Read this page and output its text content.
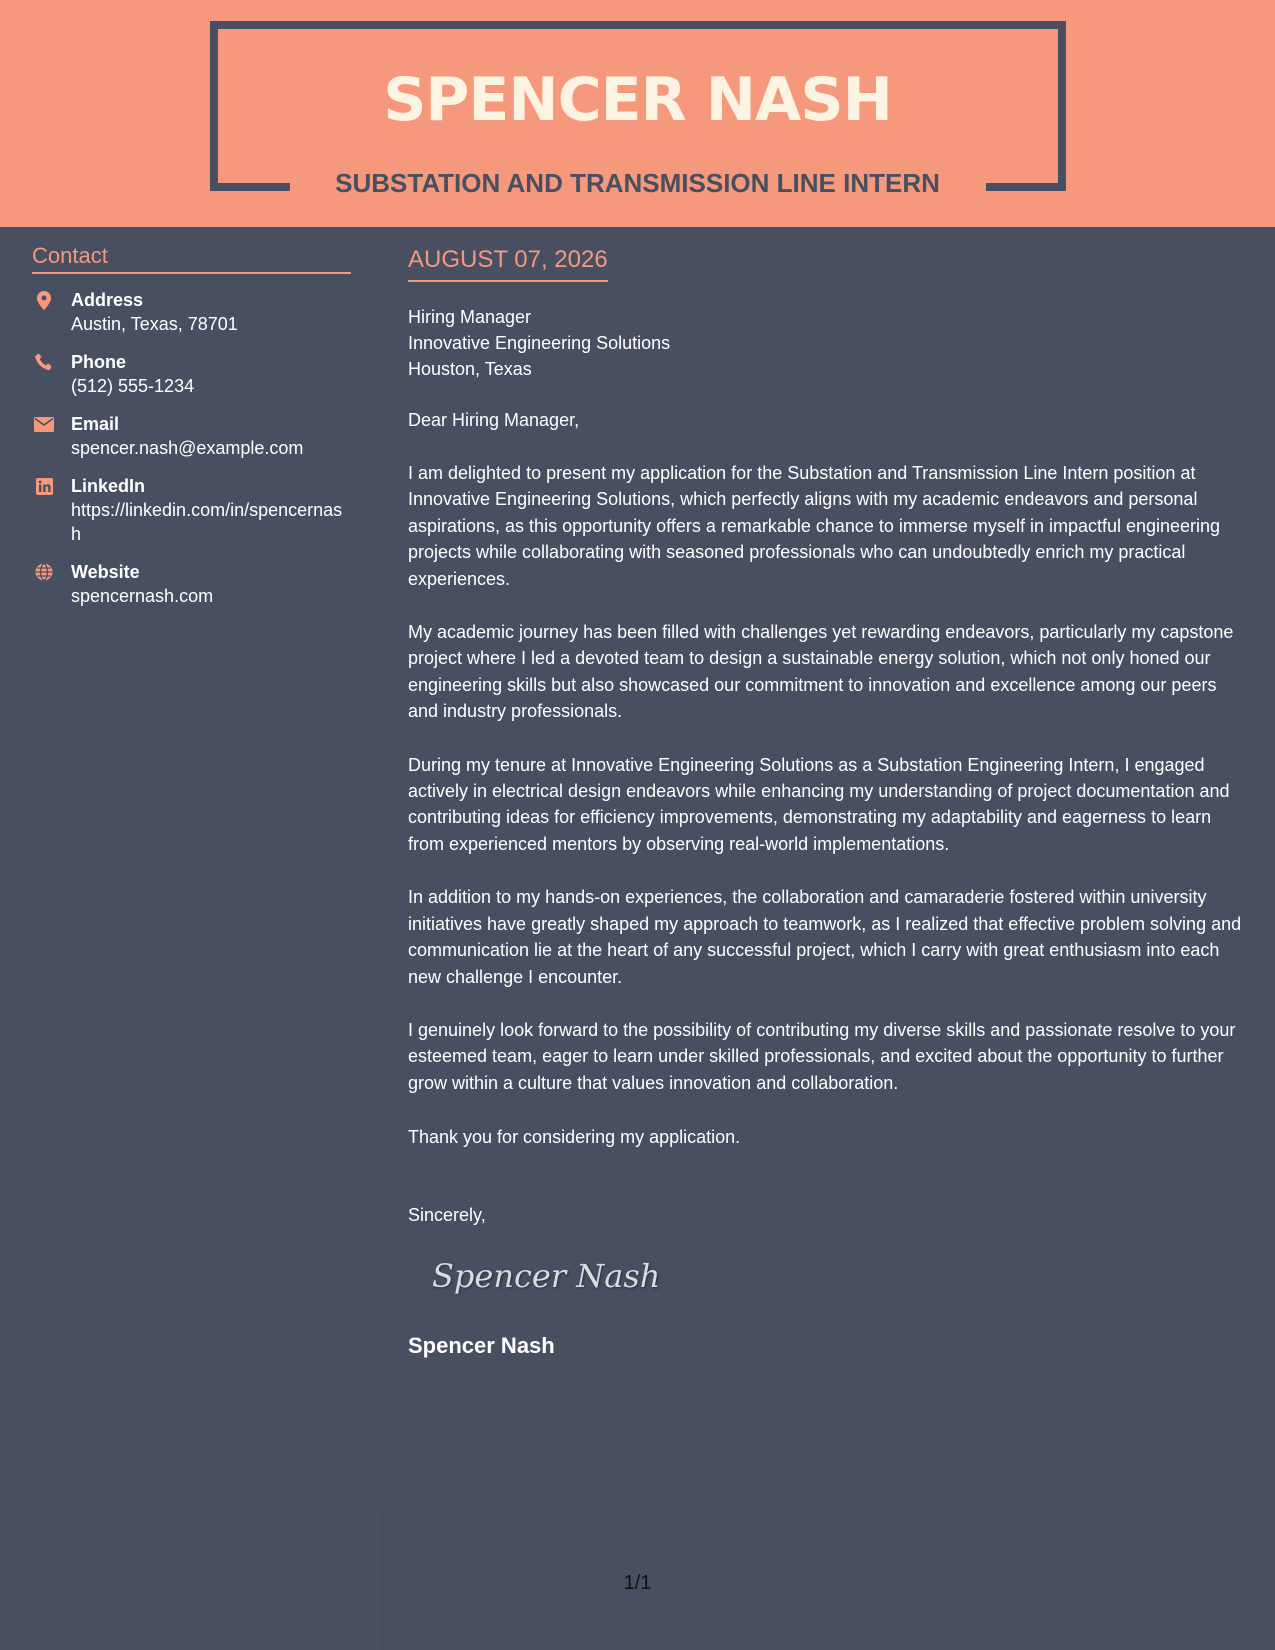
SPENCER NASH
SUBSTATION AND TRANSMISSION LINE INTERN
Contact
Address
Austin, Texas, 78701
Phone
(512) 555-1234
Email
spencer.nash@example.com
LinkedIn
https://linkedin.com/in/spencernash
Website
spencernash.com
AUGUST 07, 2026
Hiring Manager
Innovative Engineering Solutions
Houston, Texas
Dear Hiring Manager,
I am delighted to present my application for the Substation and Transmission Line Intern position at Innovative Engineering Solutions, which perfectly aligns with my academic endeavors and personal aspirations, as this opportunity offers a remarkable chance to immerse myself in impactful engineering projects while collaborating with seasoned professionals who can undoubtedly enrich my practical experiences.
My academic journey has been filled with challenges yet rewarding endeavors, particularly my capstone project where I led a devoted team to design a sustainable energy solution, which not only honed our engineering skills but also showcased our commitment to innovation and excellence among our peers and industry professionals.
During my tenure at Innovative Engineering Solutions as a Substation Engineering Intern, I engaged actively in electrical design endeavors while enhancing my understanding of project documentation and contributing ideas for efficiency improvements, demonstrating my adaptability and eagerness to learn from experienced mentors by observing real-world implementations.
In addition to my hands-on experiences, the collaboration and camaraderie fostered within university initiatives have greatly shaped my approach to teamwork, as I realized that effective problem solving and communication lie at the heart of any successful project, which I carry with great enthusiasm into each new challenge I encounter.
I genuinely look forward to the possibility of contributing my diverse skills and passionate resolve to your esteemed team, eager to learn under skilled professionals, and excited about the opportunity to further grow within a culture that values innovation and collaboration.
Thank you for considering my application.
Sincerely,
Spencer Nash
Spencer Nash
1/1
